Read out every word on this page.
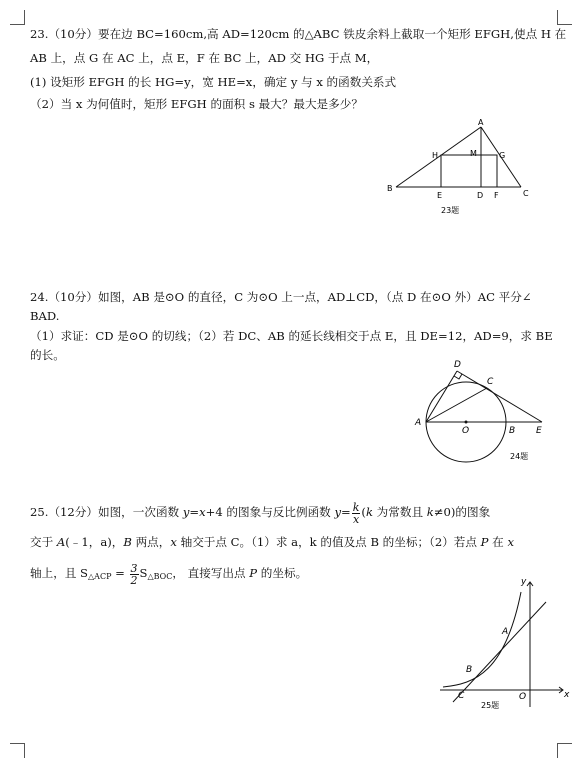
23.（10分）要在边 BC=160cm,高 AD=120cm 的△ABC 铁皮余料上截取一个矩形 EFGH,使点 H 在
AB 上，点 G 在 AC 上，点 E，F 在 BC 上，AD 交 HG 于点 M，
(1) 设矩形 EFGH 的长 HG=y，宽 HE=x，确定 y 与 x 的函数关系式
（2）当 x 为何值时，矩形 EFGH 的面积 s 最大？最大是多少？
A
B
C
D
E	F
G
H	M
23题
24.（10分）如图，AB 是⊙O 的直径，C 为⊙O 上一点，AD⊥CD，（点 D 在⊙O 外）AC 平分∠
BAD.
（1）求证：CD 是⊙O 的切线；（2）若 DC、AB 的延长线相交于点 E，且 DE=12，AD=9，求 BE
的长。
A
B
C
D
E
O
24题
25.（12分）如图，一次函数 y=x+4 的图象与反比例函数 $y= \frac{k}{x} (k$ 为常数且 k≠0)的图象
交于 A(﹣1，a)，B 两点，x 轴交于点 C。（1）求 a，k 的值及点 B 的坐标；（2）若点 P 在 x
轴上，且 $S_{\triangle ACP} = \frac{3}{2} S_{\triangle BOC}$， 直接写出点 P 的坐标。
y
x
A
B
C	O
25题
